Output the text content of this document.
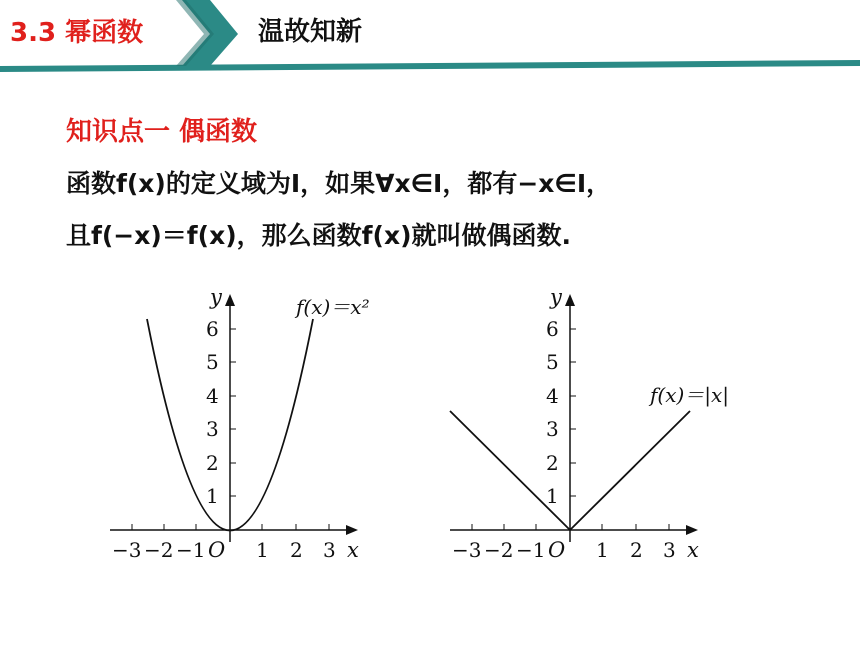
3.3 幂函数	温故知新
知识点一 偶函数
函数f(x)的定义域为I，如果∀x∈I，都有−x∈I，
且f(−x)＝f(x)，那么函数f(x)就叫做偶函数.
1
2
3
4
5
6
−3 −2 −1	1 2 3
O	x
y	f(x)＝x²
1
2
3
4
5
6
−3 −2 −1	1 2 3
O	x
y
f(x)＝|x|
